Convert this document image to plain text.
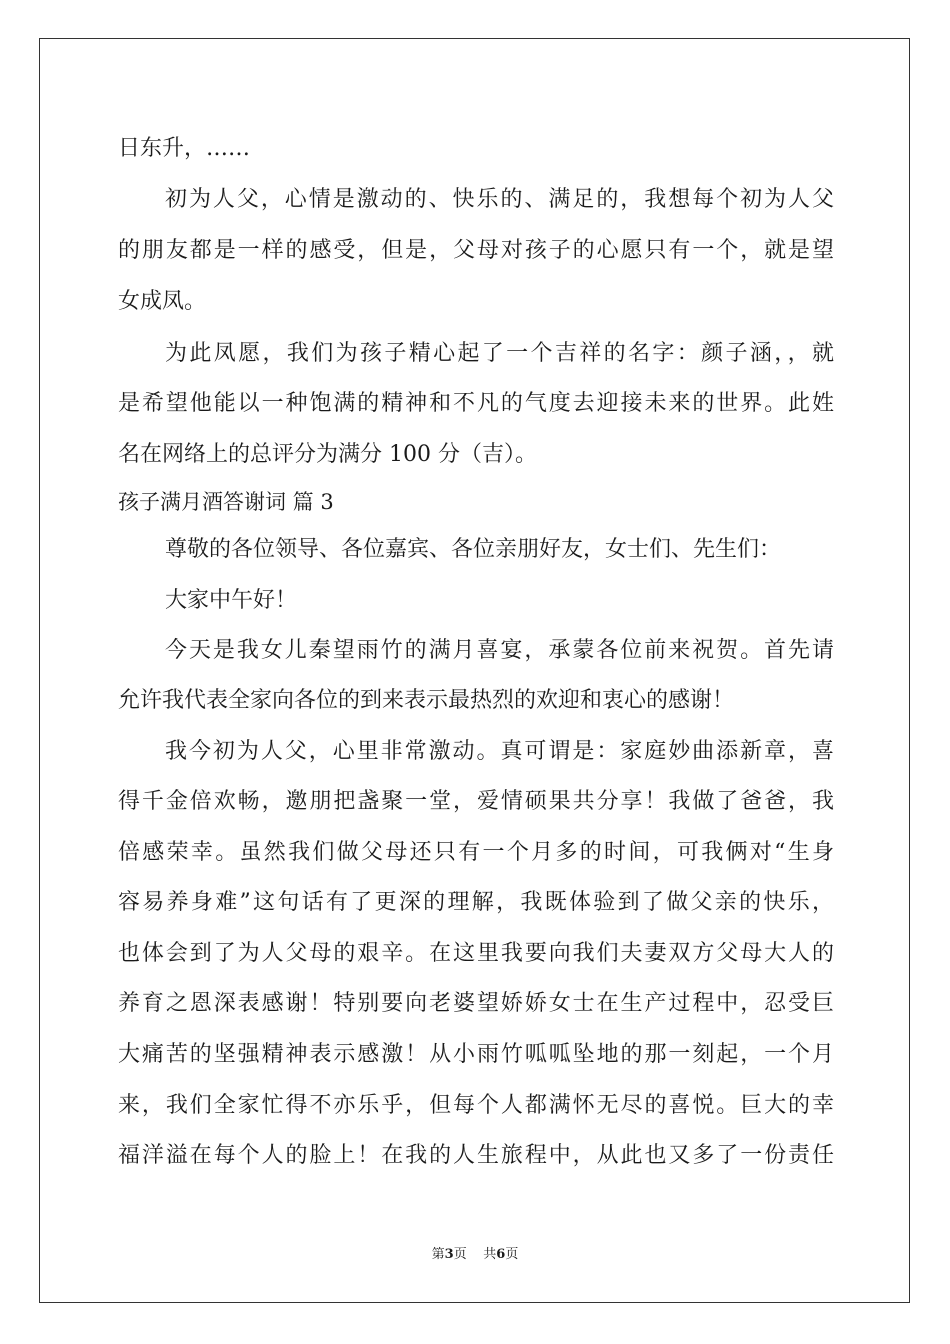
日东升，……
初为人父，心情是激动的、快乐的、满足的，我想每个初为人父
的朋友都是一样的感受，但是，父母对孩子的心愿只有一个，就是望
女成凤。
为此凤愿，我们为孩子精心起了一个吉祥的名字：颜子涵，，就
是希望他能以一种饱满的精神和不凡的气度去迎接未来的世界。此姓
名在网络上的总评分为满分 100 分（吉）。
孩子满月酒答谢词 篇 3
尊敬的各位领导、各位嘉宾、各位亲朋好友，女士们、先生们：
大家中午好！
今天是我女儿秦望雨竹的满月喜宴，承蒙各位前来祝贺。首先请
允许我代表全家向各位的到来表示最热烈的欢迎和衷心的感谢！
我今初为人父，心里非常激动。真可谓是：家庭妙曲添新章，喜
得千金倍欢畅，邀朋把盏聚一堂，爱情硕果共分享！我做了爸爸，我
倍感荣幸。虽然我们做父母还只有一个月多的时间，可我俩对“生身
容易养身难”这句话有了更深的理解，我既体验到了做父亲的快乐，
也体会到了为人父母的艰辛。在这里我要向我们夫妻双方父母大人的
养育之恩深表感谢！特别要向老婆望娇娇女士在生产过程中，忍受巨
大痛苦的坚强精神表示感激！从小雨竹呱呱坠地的那一刻起，一个月
来，我们全家忙得不亦乐乎，但每个人都满怀无尽的喜悦。巨大的幸
福洋溢在每个人的脸上！在我的人生旅程中，从此也又多了一份责任
第3页 共6页
